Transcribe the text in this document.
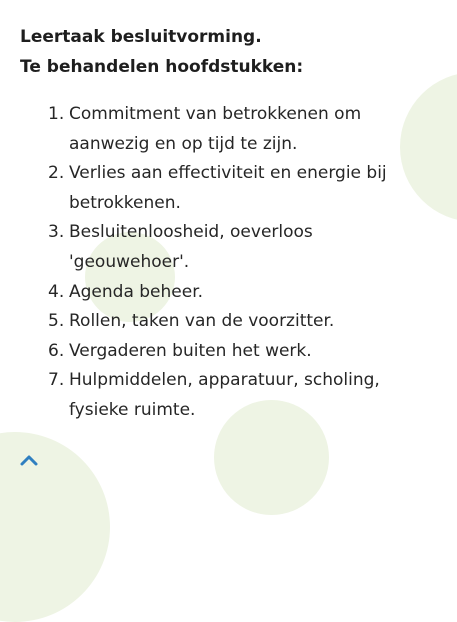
Leertaak besluitvorming.
Te behandelen hoofdstukken:
1. Commitment van betrokkenen om aanwezig en op tijd te zijn.
2. Verlies aan effectiviteit en energie bij betrokkenen.
3. Besluitenloosheid, oeverloos 'geouwehoer'.
4. Agenda beheer.
5. Rollen, taken van de voorzitter.
6. Vergaderen buiten het werk.
7. Hulpmiddelen, apparatuur, scholing, fysieke ruimte.
